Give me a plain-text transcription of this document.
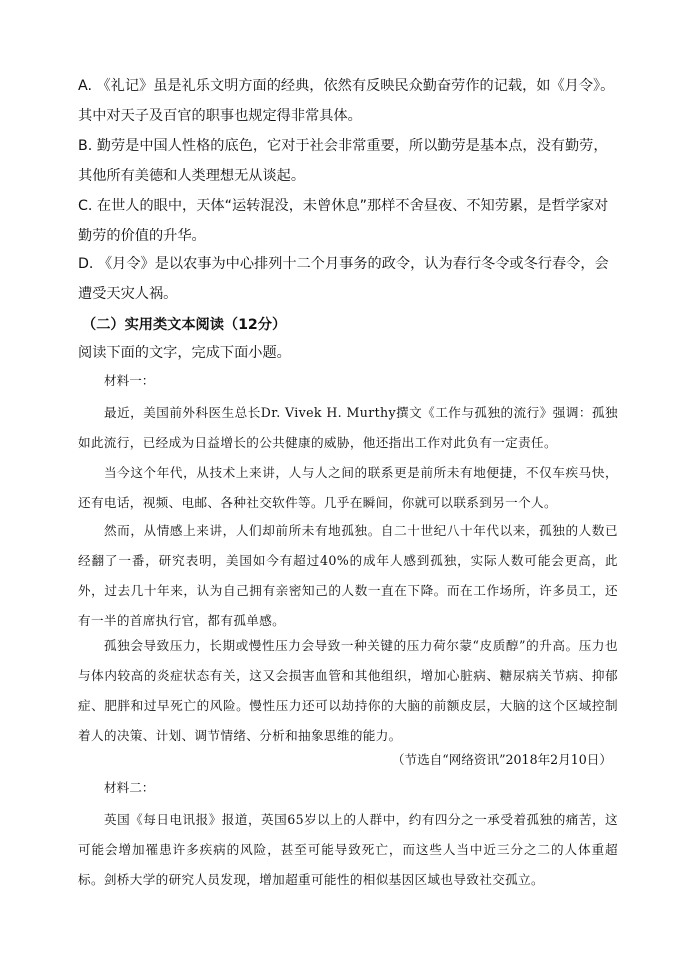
A. 《礼记》虽是礼乐文明方面的经典，依然有反映民众勤奋劳作的记载，如《月令》。其中对天子及百官的职事也规定得非常具体。

B. 勤劳是中国人性格的底色，它对于社会非常重要，所以勤劳是基本点，没有勤劳，其他所有美德和人类理想无从谈起。

C. 在世人的眼中，天体“运转混没，未曾休息”那样不舍昼夜、不知劳累，是哲学家对勤劳的价值的升华。

D. 《月令》是以农事为中心排列十二个月事务的政令，认为春行冬令或冬行春令，会遭受天灾人祸。

（二）实用类文本阅读（12分）

阅读下面的文字，完成下面小题。

材料一：

最近，美国前外科医生总长Dr. Vivek H. Murthy撰文《工作与孤独的流行》强调：孤独如此流行，已经成为日益增长的公共健康的威胁，他还指出工作对此负有一定责任。

当今这个年代，从技术上来讲，人与人之间的联系更是前所未有地便捷，不仅车疾马快，还有电话，视频、电邮、各种社交软件等。几乎在瞬间，你就可以联系到另一个人。

然而，从情感上来讲，人们却前所未有地孤独。自二十世纪八十年代以来，孤独的人数已经翻了一番，研究表明，美国如今有超过40%的成年人感到孤独，实际人数可能会更高，此外，过去几十年来，认为自己拥有亲密知己的人数一直在下降。而在工作场所，许多员工，还有一半的首席执行官，都有孤单感。

孤独会导致压力，长期或慢性压力会导致一种关键的压力荷尔蒙“皮质醇”的升高。压力也与体内较高的炎症状态有关，这又会损害血管和其他组织，增加心脏病、糖尿病关节病、抑郁症、肥胖和过早死亡的风险。慢性压力还可以劫持你的大脑的前额皮层，大脑的这个区域控制着人的决策、计划、调节情绪、分析和抽象思维的能力。

（节选自“网络资讯”2018年2月10日）

材料二：

英国《每日电讯报》报道，英国65岁以上的人群中，约有四分之一承受着孤独的痛苦，这可能会增加罹患许多疾病的风险，甚至可能导致死亡，而这些人当中近三分之二的人体重超标。剑桥大学的研究人员发现，增加超重可能性的相似基因区域也导致社交孤立。
